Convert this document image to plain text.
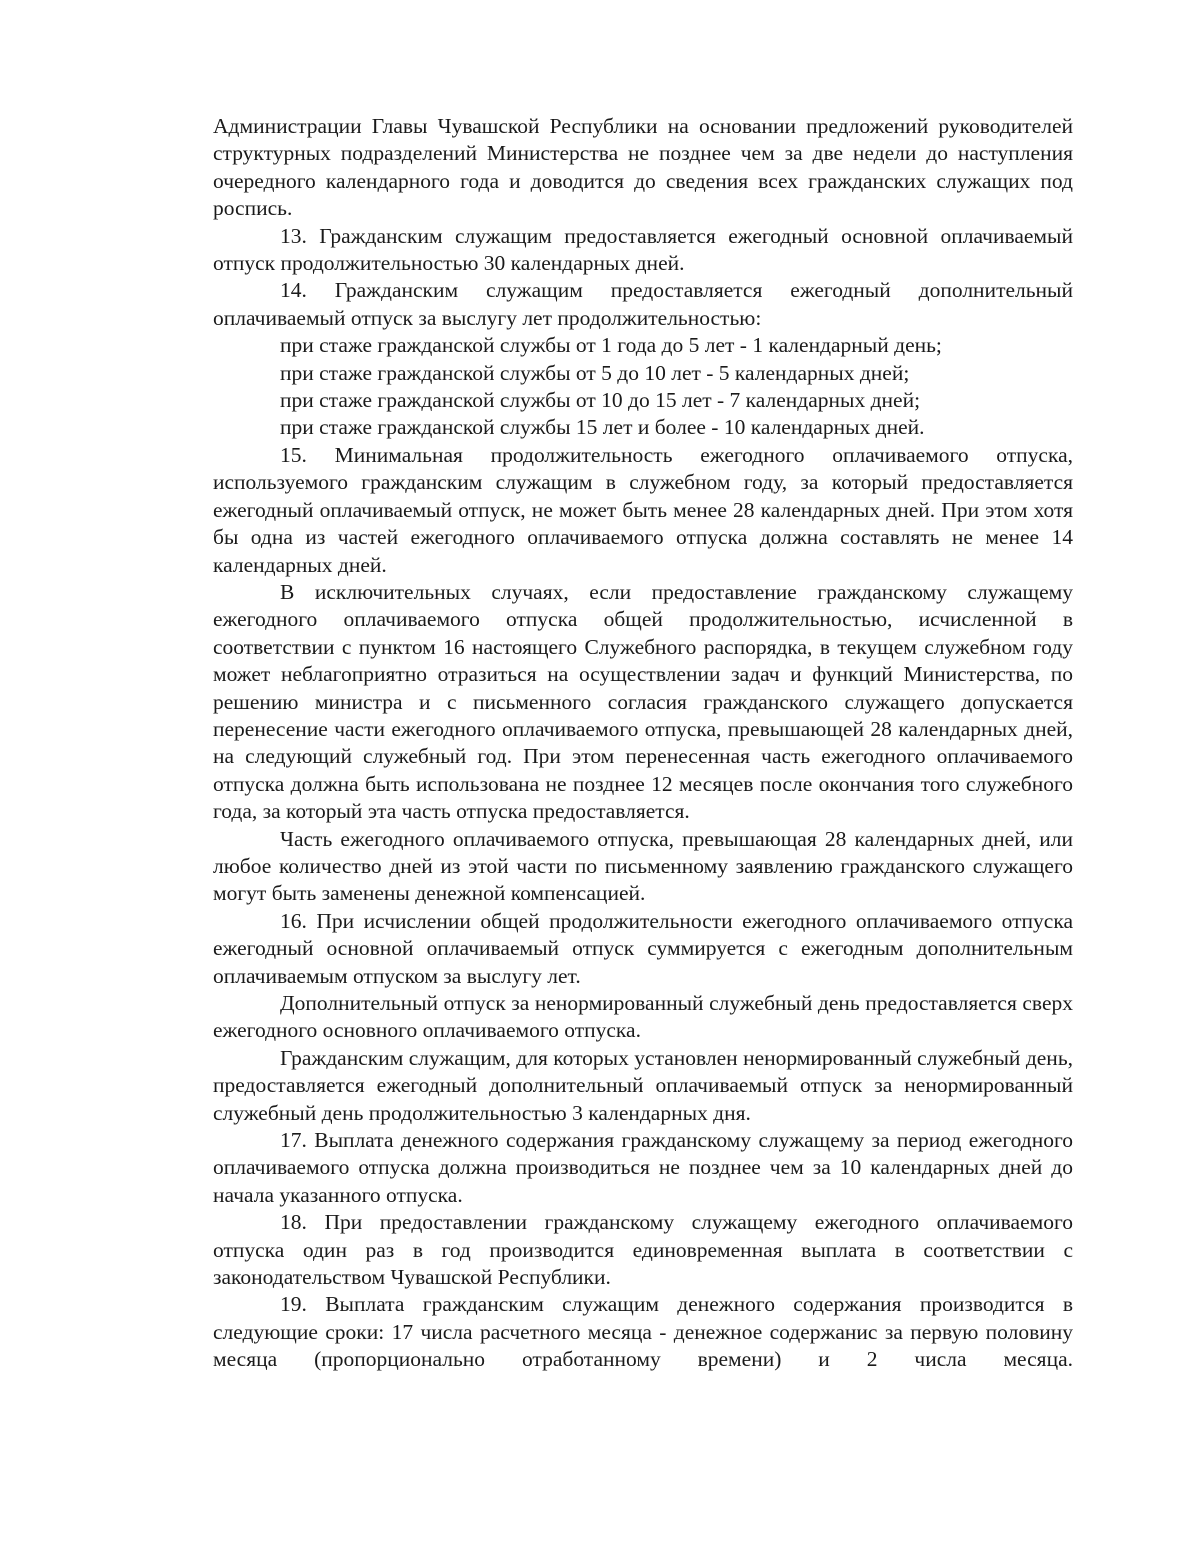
Администрации Главы Чувашской Республики на основании предложений руководителей структурных подразделений Министерства не позднее чем за две недели до наступления очередного календарного года и доводится до сведения всех гражданских служащих под роспись.

13. Гражданским служащим предоставляется ежегодный основной оплачиваемый отпуск продолжительностью 30 календарных дней.

14. Гражданским служащим предоставляется ежегодный дополнительный оплачиваемый отпуск за выслугу лет продолжительностью:

при стаже гражданской службы от 1 года до 5 лет - 1 календарный день;

при стаже гражданской службы от 5 до 10 лет - 5 календарных дней;

при стаже гражданской службы от 10 до 15 лет - 7 календарных дней;

при стаже гражданской службы 15 лет и более - 10 календарных дней.

15. Минимальная продолжительность ежегодного оплачиваемого отпуска, используемого гражданским служащим в служебном году, за который предоставляется ежегодный оплачиваемый отпуск, не может быть менее 28 календарных дней. При этом хотя бы одна из частей ежегодного оплачиваемого отпуска должна составлять не менее 14 календарных дней.

В исключительных случаях, если предоставление гражданскому служащему ежегодного оплачиваемого отпуска общей продолжительностью, исчисленной в соответствии с пунктом 16 настоящего Служебного распорядка, в текущем служебном году может неблагоприятно отразиться на осуществлении задач и функций Министерства, по решению министра и с письменного согласия гражданского служащего допускается перенесение части ежегодного оплачиваемого отпуска, превышающей 28 календарных дней, на следующий служебный год. При этом перенесенная часть ежегодного оплачиваемого отпуска должна быть использована не позднее 12 месяцев после окончания того служебного года, за который эта часть отпуска предоставляется.

Часть ежегодного оплачиваемого отпуска, превышающая 28 календарных дней, или любое количество дней из этой части по письменному заявлению гражданского служащего могут быть заменены денежной компенсацией.

16. При исчислении общей продолжительности ежегодного оплачиваемого отпуска ежегодный основной оплачиваемый отпуск суммируется с ежегодным дополнительным оплачиваемым отпуском за выслугу лет.

Дополнительный отпуск за ненормированный служебный день предоставляется сверх ежегодного основного оплачиваемого отпуска.

Гражданским служащим, для которых установлен ненормированный служебный день, предоставляется ежегодный дополнительный оплачиваемый отпуск за ненормированный служебный день продолжительностью 3 календарных дня.

17. Выплата денежного содержания гражданскому служащему за период ежегодного оплачиваемого отпуска должна производиться не позднее чем за 10 календарных дней до начала указанного отпуска.

18. При предоставлении гражданскому служащему ежегодного оплачиваемого отпуска один раз в год производится единовременная выплата в соответствии с законодательством Чувашской Республики.

19. Выплата гражданским служащим денежного содержания производится в следующие сроки: 17 числа расчетного месяца - денежное содержанис за первую половину месяца (пропорционально отработанному времени) и 2 числа месяца.
